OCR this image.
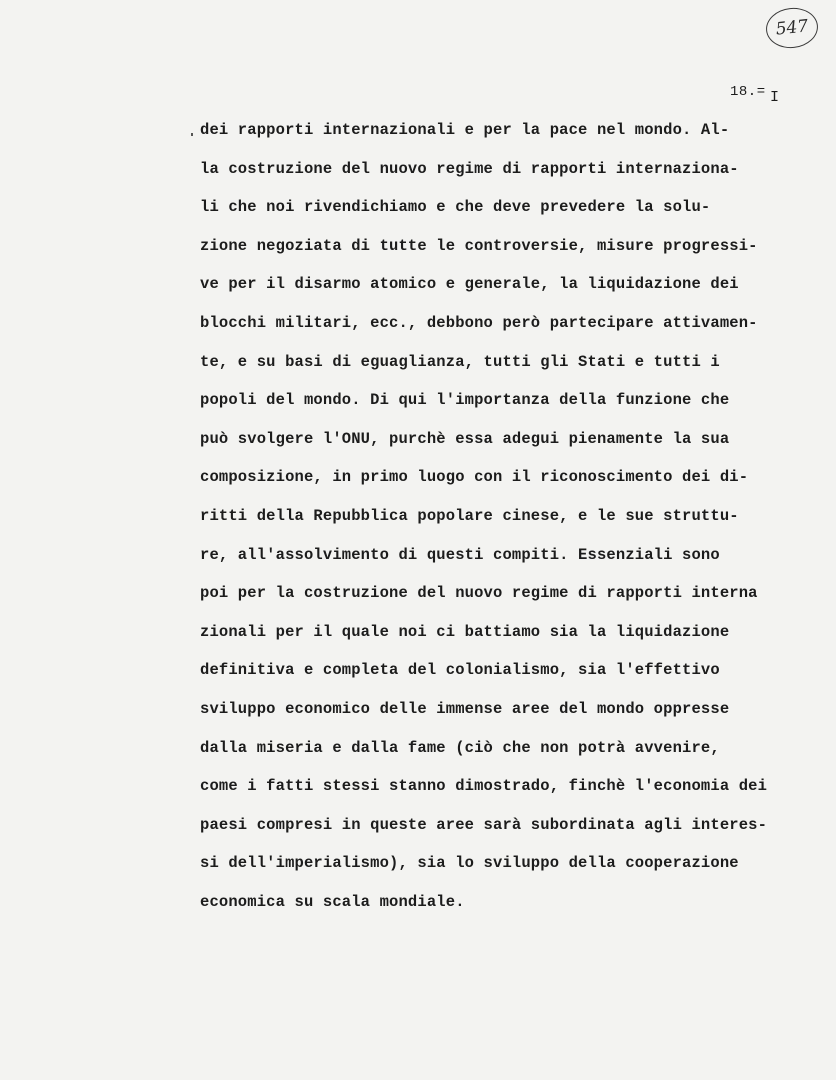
547
18.= I
dei rapporti internazionali e per la pace nel mondo. Al-
la costruzione del nuovo regime di rapporti internaziona-
li che noi rivendichiamo e che deve prevedere la solu-
zione negoziata di tutte le controversie, misure progressi-
ve per il disarmo atomico e generale, la liquidazione dei
blocchi militari, ecc., debbono però partecipare attivamen-
te, e su basi di eguaglianza, tutti gli Stati e tutti i
popoli del mondo. Di qui l'importanza della funzione che
può svolgere l'ONU, purchè essa adegui pienamente la sua
composizione, in primo luogo con il riconoscimento dei di-
ritti della Repubblica popolare cinese, e le sue struttu-
re, all'assolvimento di questi compiti. Essenziali sono
poi per la costruzione del nuovo regime di rapporti interna
zionali per il quale noi ci battiamo sia la liquidazione
definitiva e completa del colonialismo, sia l'effettivo
sviluppo economico delle immense aree del mondo oppresse
dalla miseria e dalla fame (ciò che non potrà avvenire,
come i fatti stessi stanno dimostrado, finchè l'economia dei
paesi compresi in queste aree sarà subordinata agli interes-
si dell'imperialismo), sia lo sviluppo della cooperazione
economica su scala mondiale.
